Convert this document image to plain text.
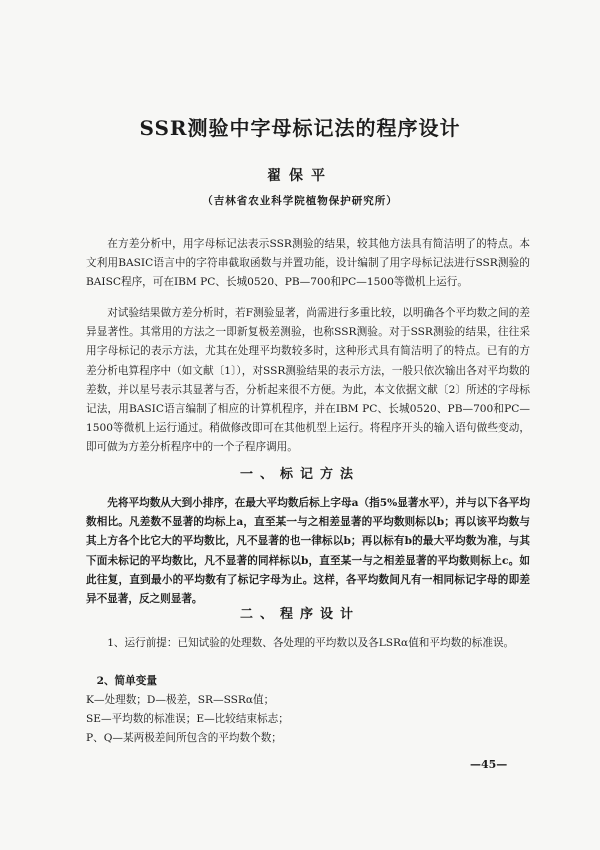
SSR测验中字母标记法的程序设计
翟保平
（吉林省农业科学院植物保护研究所）

在方差分析中，用字母标记法表示SSR测验的结果，较其他方法具有简洁明了的特点。本文利用BASIC语言中的字符串截取函数与并置功能，设计编制了用字母标记法进行SSR测验的BAISC程序，可在IBM PC、长城0520、PB—700和PC—1500等微机上运行。

对试验结果做方差分析时，若F测验显著，尚需进行多重比较，以明确各个平均数之间的差异显著性。其常用的方法之一即新复极差测验，也称SSR测验。对于SSR测验的结果，往往采用字母标记的表示方法，尤其在处理平均数较多时，这种形式具有简洁明了的特点。已有的方差分析电算程序中（如文献〔1〕），对SSR测验结果的表示方法，一般只依次输出各对平均数的差数，并以星号表示其显著与否，分析起来很不方便。为此，本文依据文献〔2〕所述的字母标记法，用BASIC语言编制了相应的计算机程序，并在IBM PC、长城0520、PB—700和PC—1500等微机上运行通过。稍做修改即可在其他机型上运行。将程序开头的输入语句做些变动，即可做为方差分析程序中的一个子程序调用。

一、标记方法

先将平均数从大到小排序，在最大平均数后标上字母a（指5%显著水平），并与以下各平均数相比。凡差数不显著的均标上a，直至某一与之相差显著的平均数则标以b；再以该平均数与其上方各个比它大的平均数比，凡不显著的也一律标以b；再以标有b的最大平均数为准，与其下面未标记的平均数比，凡不显著的同样标以b，直至某一与之相差显著的平均数则标上c。如此往复，直到最小的平均数有了标记字母为止。这样，各平均数间凡有一相同标记字母的即差异不显著，反之则显著。

二、程序设计

1、运行前提：已知试验的处理数、各处理的平均数以及各LSRα值和平均数的标准误。

2、简单变量

K—处理数；D—极差，SR—SSRα值；

SE—平均数的标准误；E—比较结束标志；

P、Q—某两极差间所包含的平均数个数；

—45—
